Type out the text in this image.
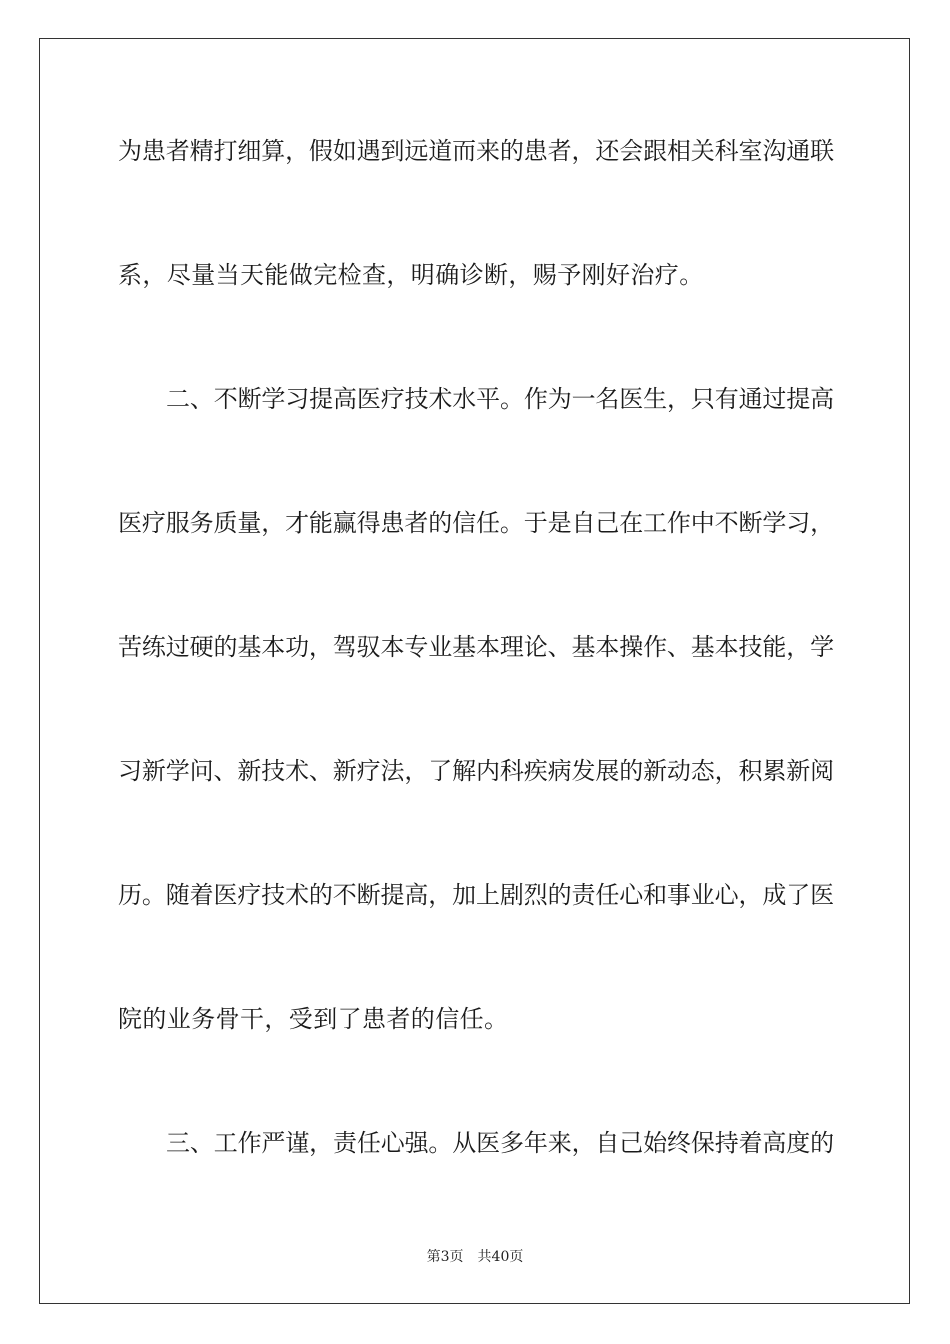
为患者精打细算，假如遇到远道而来的患者，还会跟相关科室沟通联
系，尽量当天能做完检查，明确诊断，赐予刚好治疗。
二、不断学习提高医疗技术水平。作为一名医生，只有通过提高
医疗服务质量，才能赢得患者的信任。于是自己在工作中不断学习，
苦练过硬的基本功，驾驭本专业基本理论、基本操作、基本技能，学
习新学问、新技术、新疗法，了解内科疾病发展的新动态，积累新阅
历。随着医疗技术的不断提高，加上剧烈的责任心和事业心，成了医
院的业务骨干，受到了患者的信任。
三、工作严谨，责任心强。从医多年来，自己始终保持着高度的
第3页 共40页
